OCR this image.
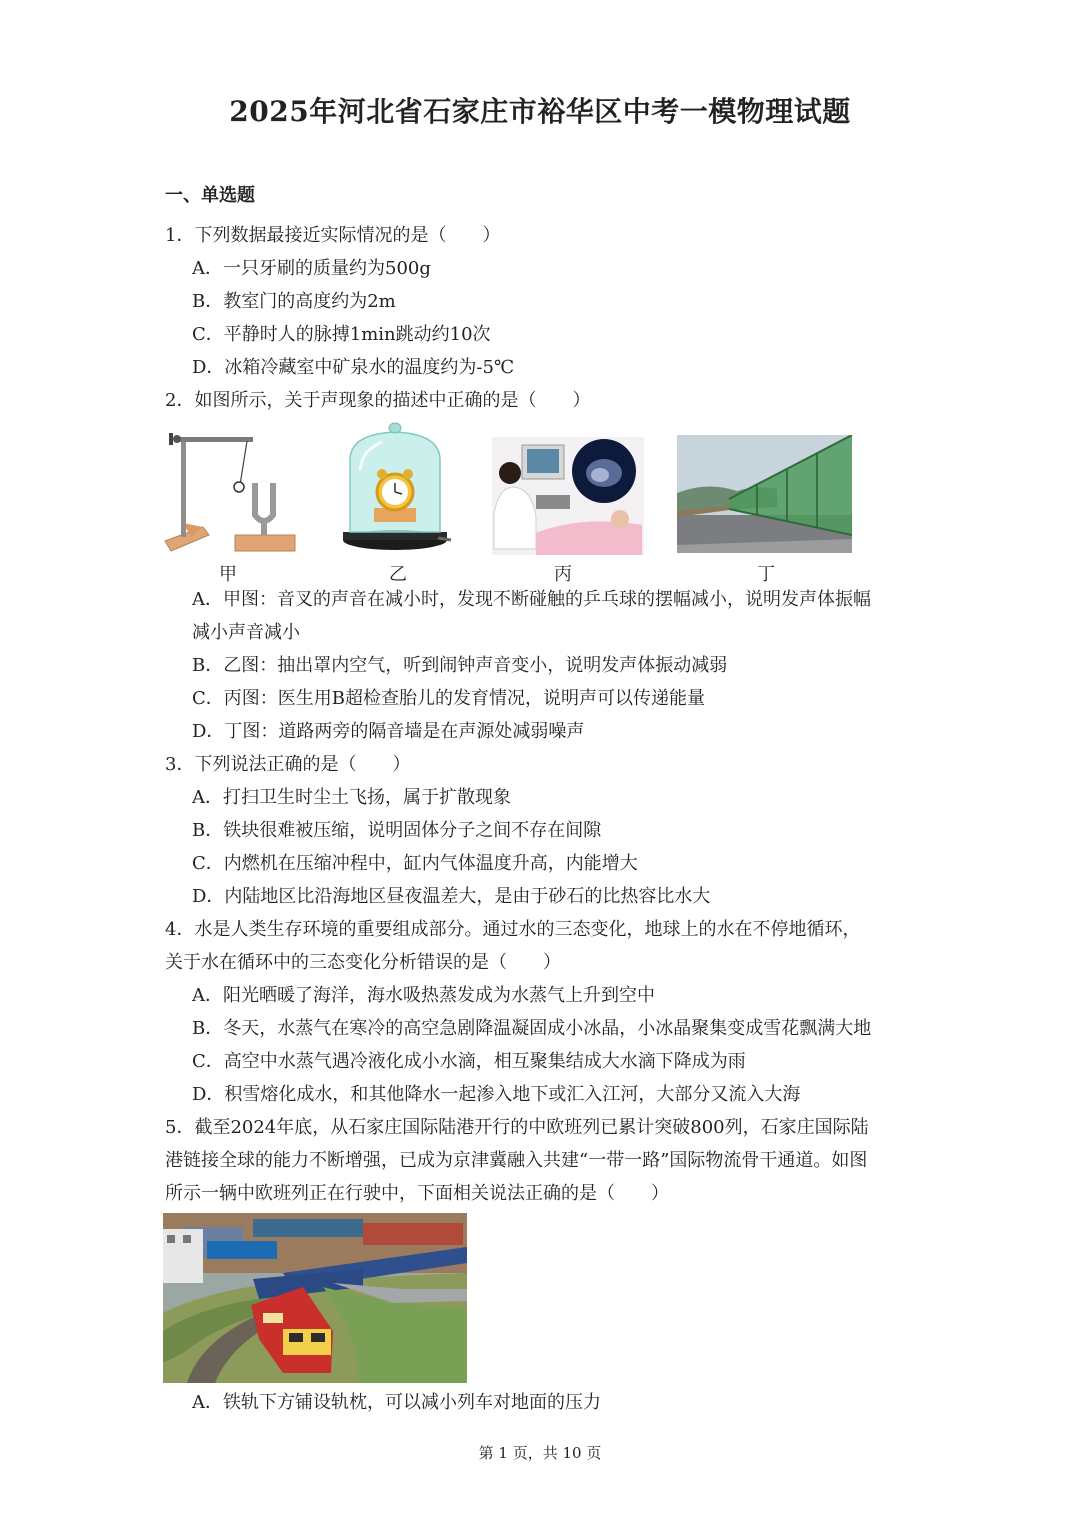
2025年河北省石家庄市裕华区中考一模物理试题
一、单选题
1．下列数据最接近实际情况的是（　　）
A．一只牙刷的质量约为500g
B．教室门的高度约为2m
C．平静时人的脉搏1min跳动约10次
D．冰箱冷藏室中矿泉水的温度约为-5℃
2．如图所示，关于声现象的描述中正确的是（　　）
甲	乙	丙	丁
A．甲图：音叉的声音在减小时，发现不断碰触的乒乓球的摆幅减小，说明发声体振幅
减小声音减小
B．乙图：抽出罩内空气，听到闹钟声音变小，说明发声体振动减弱
C．丙图：医生用B超检查胎儿的发育情况，说明声可以传递能量
D．丁图：道路两旁的隔音墙是在声源处减弱噪声
3．下列说法正确的是（　　）
A．打扫卫生时尘土飞扬，属于扩散现象
B．铁块很难被压缩，说明固体分子之间不存在间隙
C．内燃机在压缩冲程中，缸内气体温度升高，内能增大
D．内陆地区比沿海地区昼夜温差大，是由于砂石的比热容比水大
4．水是人类生存环境的重要组成部分。通过水的三态变化，地球上的水在不停地循环，
关于水在循环中的三态变化分析错误的是（　　）
A．阳光晒暖了海洋，海水吸热蒸发成为水蒸气上升到空中
B．冬天，水蒸气在寒冷的高空急剧降温凝固成小冰晶，小冰晶聚集变成雪花飘满大地
C．高空中水蒸气遇冷液化成小水滴，相互聚集结成大水滴下降成为雨
D．积雪熔化成水，和其他降水一起渗入地下或汇入江河，大部分又流入大海
5．截至2024年底，从石家庄国际陆港开行的中欧班列已累计突破800列，石家庄国际陆
港链接全球的能力不断增强，已成为京津冀融入共建“一带一路”国际物流骨干通道。如图
所示一辆中欧班列正在行驶中，下面相关说法正确的是（　　）
A．铁轨下方铺设轨枕，可以减小列车对地面的压力
第 1 页，共 10 页
